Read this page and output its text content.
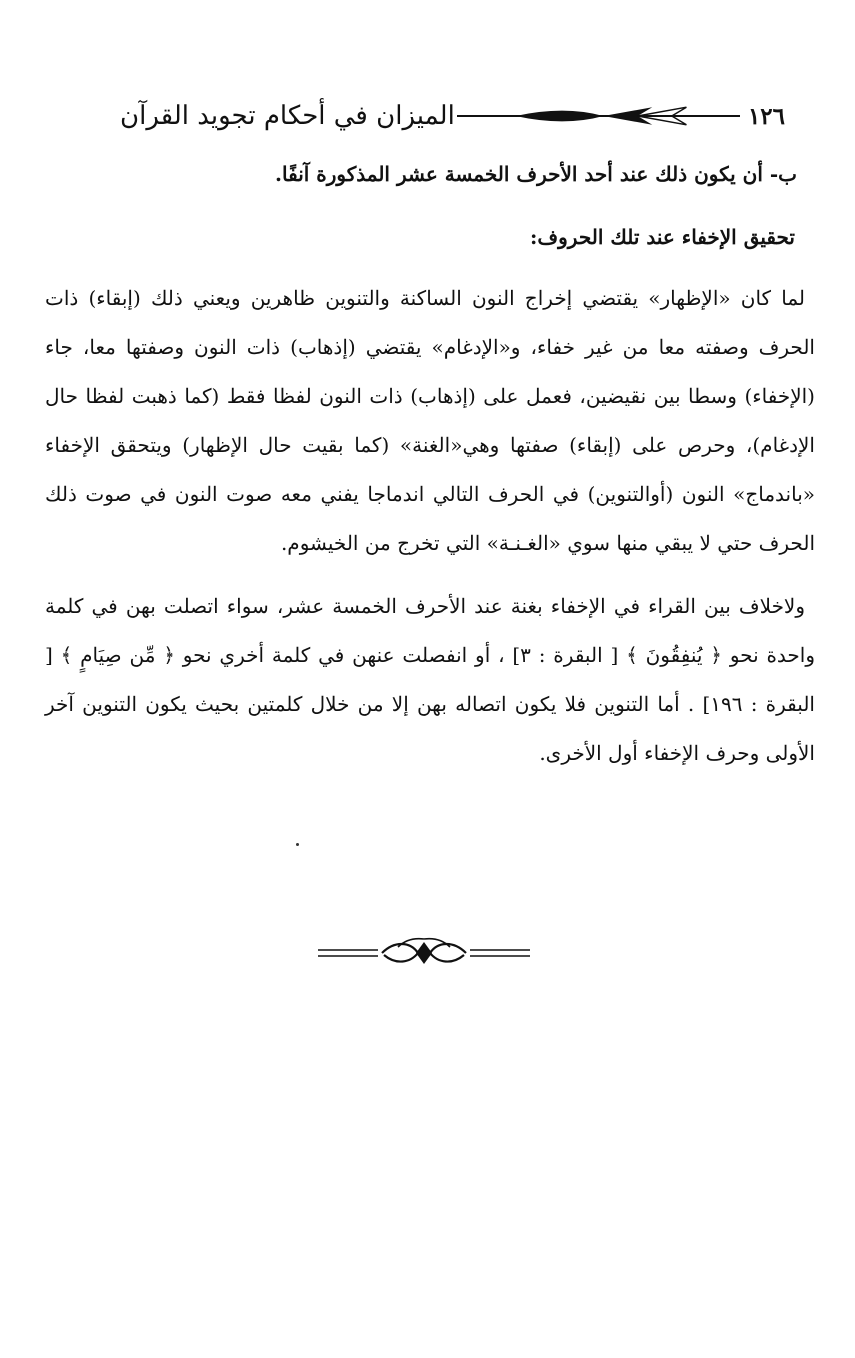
١٢٦
الميزان في أحكام تجويد القرآن

ب- أن يكون ذلك عند أحد الأحرف الخمسة عشر المذكورة آنفًا.

تحقيق الإخفاء عند تلك الحروف:

لما كان «الإظهار» يقتضي إخراج النون الساكنة والتنوين ظاهرين ويعني ذلك (إبقاء) ذات الحرف وصفته معا من غير خفاء، و«الإدغام» يقتضي (إذهاب) ذات النون وصفتها معا، جاء (الإخفاء) وسطا بين نقيضين، فعمل على (إذهاب) ذات النون لفظا فقط (كما ذهبت لفظا حال الإدغام)، وحرص على (إبقاء) صفتها وهي«الغنة» (كما بقيت حال الإظهار) ويتحقق الإخفاء «باندماج» النون (أوالتنوين) في الحرف التالي اندماجا يفني معه صوت النون في صوت ذلك الحرف حتي لا يبقي منها سوي «الغـنـة» التي تخرج من الخيشوم.

ولاخلاف بين القراء في الإخفاء بغنة عند الأحرف الخمسة عشر، سواء اتصلت بهن في كلمة واحدة نحو ﴿ يُنفِقُونَ ﴾ [ البقرة : ٣] ، أو انفصلت عنهن في كلمة أخري نحو ﴿ مِّن صِيَامٍ ﴾ [ البقرة : ١٩٦] . أما التنوين فلا يكون اتصاله بهن إلا من خلال كلمتين بحيث يكون التنوين آخر الأولى وحرف الإخفاء أول الأخرى.
